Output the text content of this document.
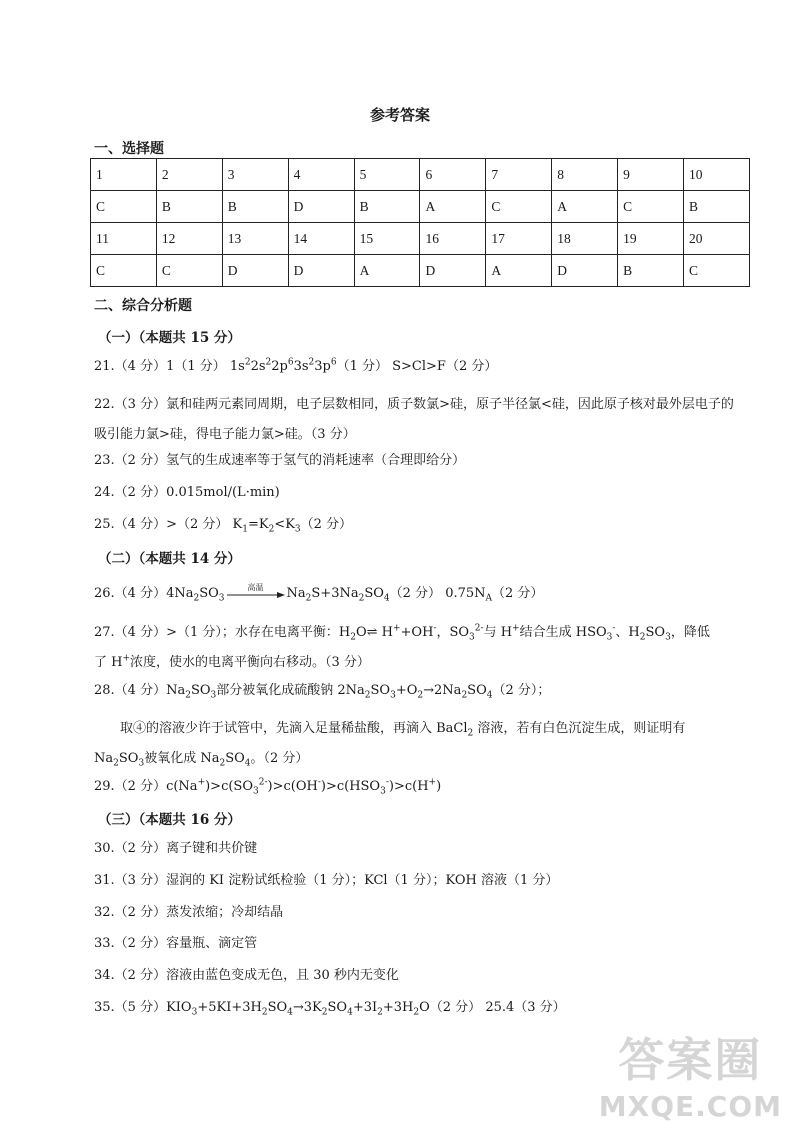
参考答案
一、选择题
1	2	3	4	5	6	7	8	9	10
C	B	B	D	B	A	C	A	C	B
11	12	13	14	15	16	17	18	19	20
C	C	D	D	A	D	A	D	B	C
二、综合分析题
（一）（本题共 15 分）
21.（4 分）1（1 分） $1s^22s^22p^63s^23p^6(1$ 分） S>Cl>F（2 分）
22.（3 分）氯和硅两元素同周期，电子层数相同，质子数氯>硅，原子半径氯<硅，因此原子核对最外层电子的吸引能力氯>硅，得电子能力氯>硅。（3 分）
23.（2 分）氢气的生成速率等于氢气的消耗速率（合理即给分）
24.（2 分）0.015mol/(L·min)
25.（4 分）>（2 分） $K_1=K_2<K_3(2$ 分）
（二）（本题共 14 分）
26.（4 分）$4Na_2SO_3$
高温	$Na_2S+3Na_2SO_4(2$ 分） $0.75N_A(2$ 分）
27.（4 分）>（1 分）；水存在电离平衡：$H_2O\rightleftharpoons$ H++OH-，$SO_3^{2-}$与 H+结合生成 $HSO_3^-$、$H_2SO_3$，降低
了 H+浓度，使水的电离平衡向右移动。（3 分）
28.（4 分）$Na_2SO_3$部分被氧化成硫酸钠 $2Na_2SO_3+O_2\to 2Na_2SO_4(2$ 分）；
取④的溶液少许于试管中，先滴入足量稀盐酸，再滴入 BaCl$_2$ 溶液，若有白色沉淀生成，则证明有 $Na_2SO_3$被氧化成 $Na_2SO_4$。（2 分）
29.（2 分）$c(Na^+)>c(SO_3^{2-})>c(OH^-)>c(HSO_3^-)>c(H^+)$
（三）（本题共 16 分）
30.（2 分）离子键和共价键
31.（3 分）湿润的 KI 淀粉试纸检验（1 分）；KCl（1 分）；KOH 溶液（1 分）
32.（2 分）蒸发浓缩；冷却结晶
33.（2 分）容量瓶、滴定管
34.（2 分）溶液由蓝色变成无色，且 30 秒内无变化
35.（5 分）$KIO_3+5KI+3H_2SO_4\to 3K_2SO_4+3I_2+3H_2O(2$ 分） 25.4（3 分）
答案圈
MXQE.COM
